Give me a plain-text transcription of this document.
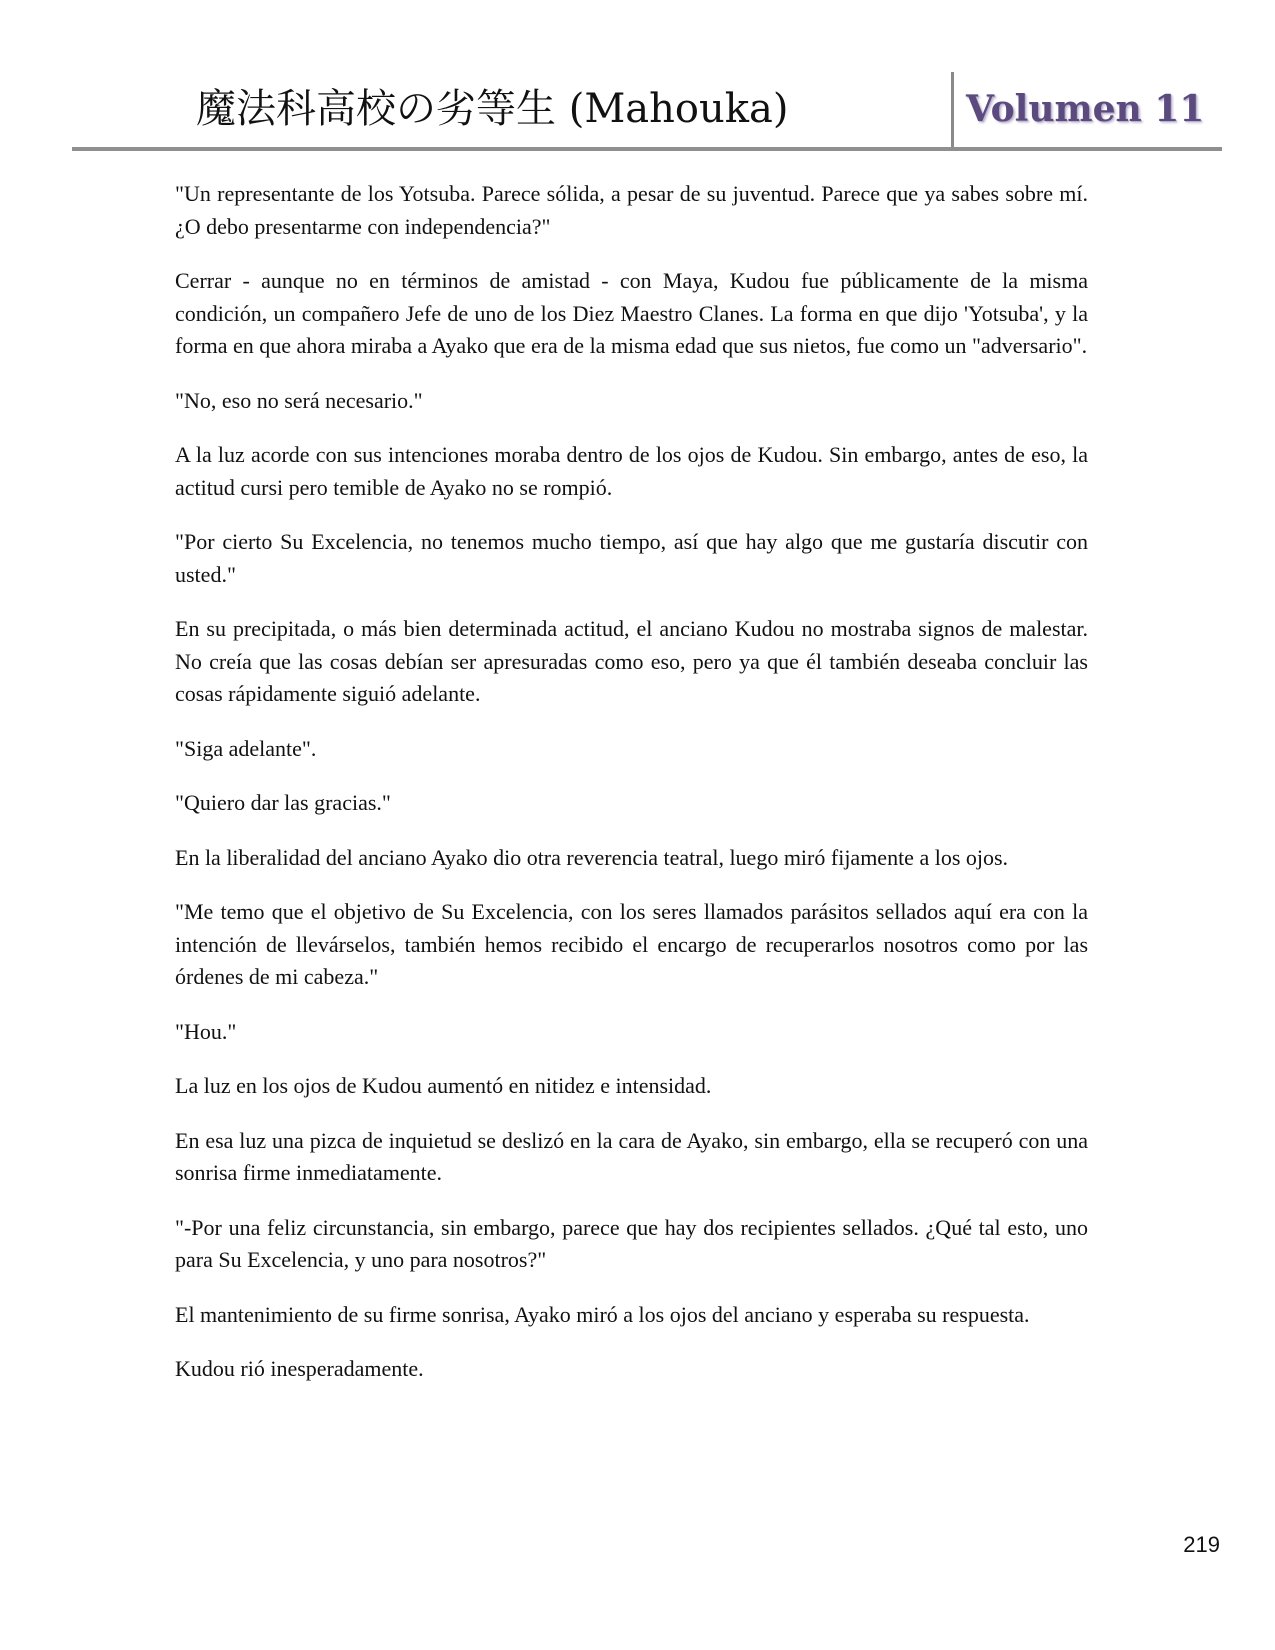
魔法科高校の劣等生 (Mahouka)	Volumen 11

"Un representante de los Yotsuba. Parece sólida, a pesar de su juventud. Parece que ya sabes sobre mí. ¿O debo presentarme con independencia?"

Cerrar - aunque no en términos de amistad - con Maya, Kudou fue públicamente de la misma condición, un compañero Jefe de uno de los Diez Maestro Clanes. La forma en que dijo 'Yotsuba', y la forma en que ahora miraba a Ayako que era de la misma edad que sus nietos, fue como un "adversario".

"No, eso no será necesario."

A la luz acorde con sus intenciones moraba dentro de los ojos de Kudou. Sin embargo, antes de eso, la actitud cursi pero temible de Ayako no se rompió.

"Por cierto Su Excelencia, no tenemos mucho tiempo, así que hay algo que me gustaría discutir con usted."

En su precipitada, o más bien determinada actitud, el anciano Kudou no mostraba signos de malestar. No creía que las cosas debían ser apresuradas como eso, pero ya que él también deseaba concluir las cosas rápidamente siguió adelante.

"Siga adelante".

"Quiero dar las gracias."

En la liberalidad del anciano Ayako dio otra reverencia teatral, luego miró fijamente a los ojos.

"Me temo que el objetivo de Su Excelencia, con los seres llamados parásitos sellados aquí era con la intención de llevárselos, también hemos recibido el encargo de recuperarlos nosotros como por las órdenes de mi cabeza."

"Hou."

La luz en los ojos de Kudou aumentó en nitidez e intensidad.

En esa luz una pizca de inquietud se deslizó en la cara de Ayako, sin embargo, ella se recuperó con una sonrisa firme inmediatamente.

"-Por una feliz circunstancia, sin embargo, parece que hay dos recipientes sellados. ¿Qué tal esto, uno para Su Excelencia, y uno para nosotros?"

El mantenimiento de su firme sonrisa, Ayako miró a los ojos del anciano y esperaba su respuesta.

Kudou rió inesperadamente.

219
